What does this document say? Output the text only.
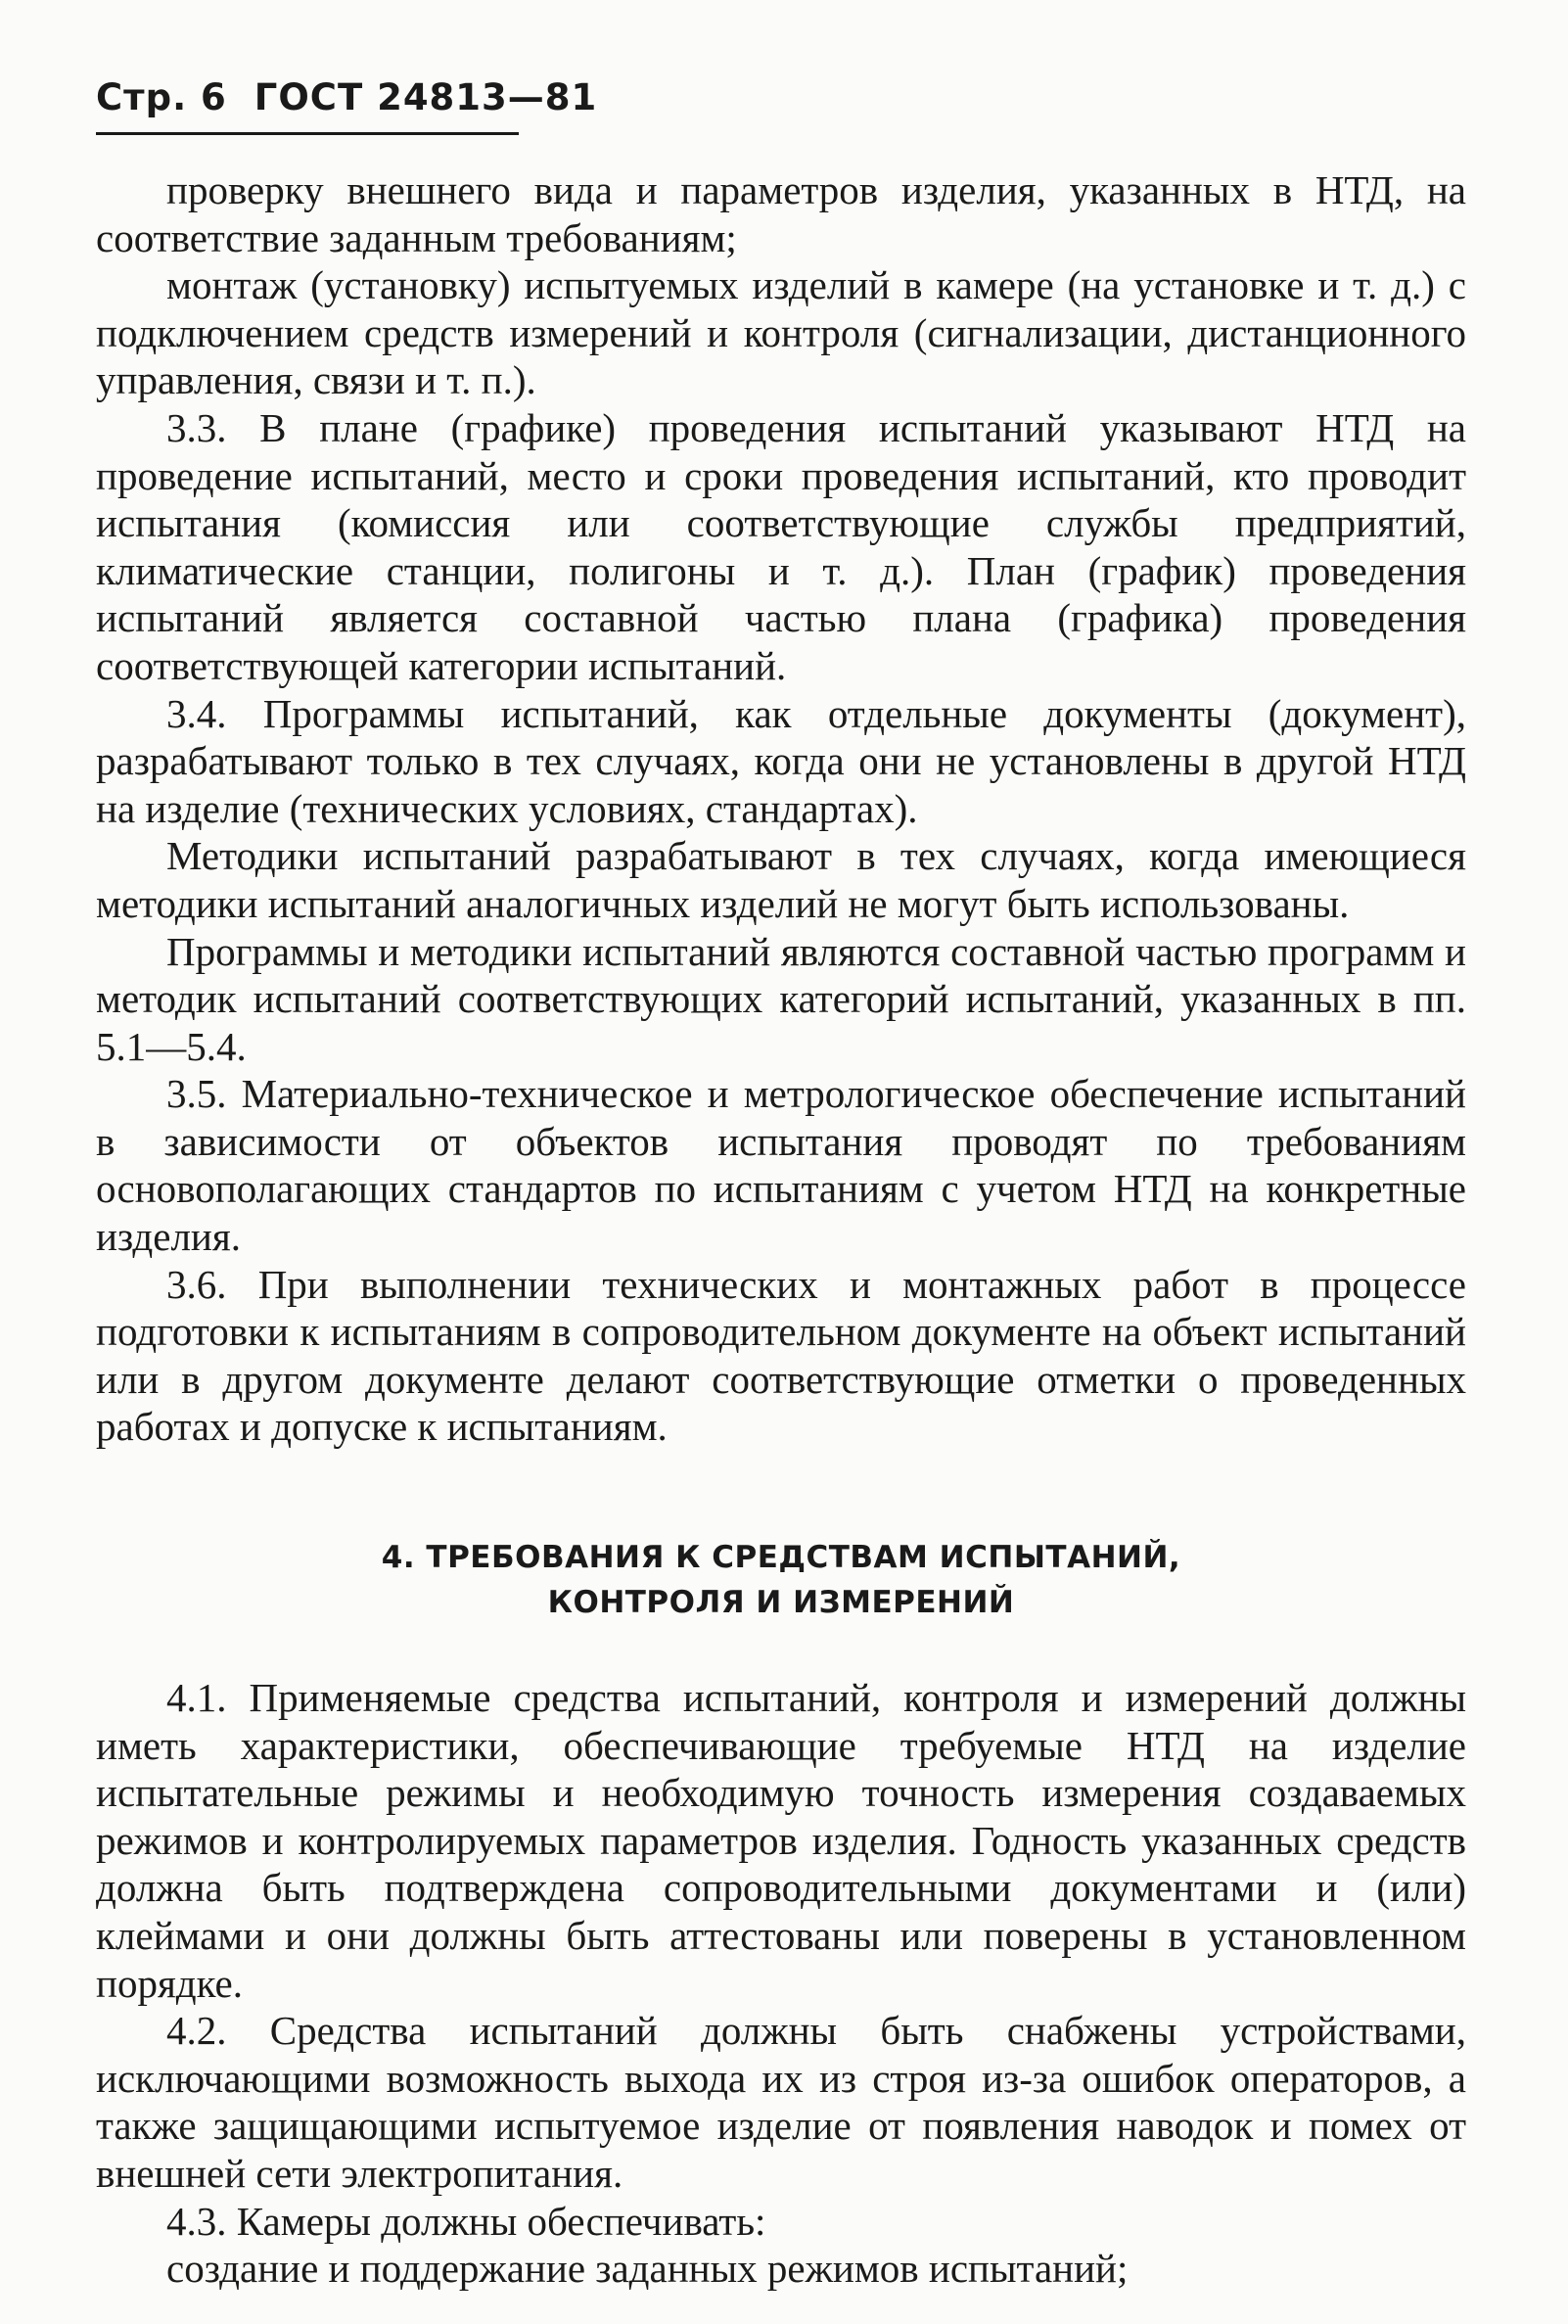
Стр. 6 ГОСТ 24813—81

проверку внешнего вида и параметров изделия, указанных в НТД, на соответствие заданным требованиям;

монтаж (установку) испытуемых изделий в камере (на установке и т. д.) с подключением средств измерений и контроля (сигнализации, дистанционного управления, связи и т. п.).

3.3. В плане (графике) проведения испытаний указывают НТД на проведение испытаний, место и сроки проведения испытаний, кто проводит испытания (комиссия или соответствующие службы предприятий, климатические станции, полигоны и т. д.). План (график) проведения испытаний является составной частью плана (графика) проведения соответствующей категории испытаний.

3.4. Программы испытаний, как отдельные документы (документ), разрабатывают только в тех случаях, когда они не установлены в другой НТД на изделие (технических условиях, стандартах).

Методики испытаний разрабатывают в тех случаях, когда имеющиеся методики испытаний аналогичных изделий не могут быть использованы.

Программы и методики испытаний являются составной частью программ и методик испытаний соответствующих категорий испытаний, указанных в пп. 5.1—5.4.

3.5. Материально-техническое и метрологическое обеспечение испытаний в зависимости от объектов испытания проводят по требованиям основополагающих стандартов по испытаниям с учетом НТД на конкретные изделия.

3.6. При выполнении технических и монтажных работ в процессе подготовки к испытаниям в сопроводительном документе на объект испытаний или в другом документе делают соответствующие отметки о проведенных работах и допуске к испытаниям.

4. ТРЕБОВАНИЯ К СРЕДСТВАМ ИСПЫТАНИЙ,
КОНТРОЛЯ И ИЗМЕРЕНИЙ

4.1. Применяемые средства испытаний, контроля и измерений должны иметь характеристики, обеспечивающие требуемые НТД на изделие испытательные режимы и необходимую точность измерения создаваемых режимов и контролируемых параметров изделия. Годность указанных средств должна быть подтверждена сопроводительными документами и (или) клеймами и они должны быть аттестованы или поверены в установленном порядке.

4.2. Средства испытаний должны быть снабжены устройствами, исключающими возможность выхода их из строя из-за ошибок операторов, а также защищающими испытуемое изделие от появления наводок и помех от внешней сети электропитания.

4.3. Камеры должны обеспечивать:

создание и поддержание заданных режимов испытаний;
